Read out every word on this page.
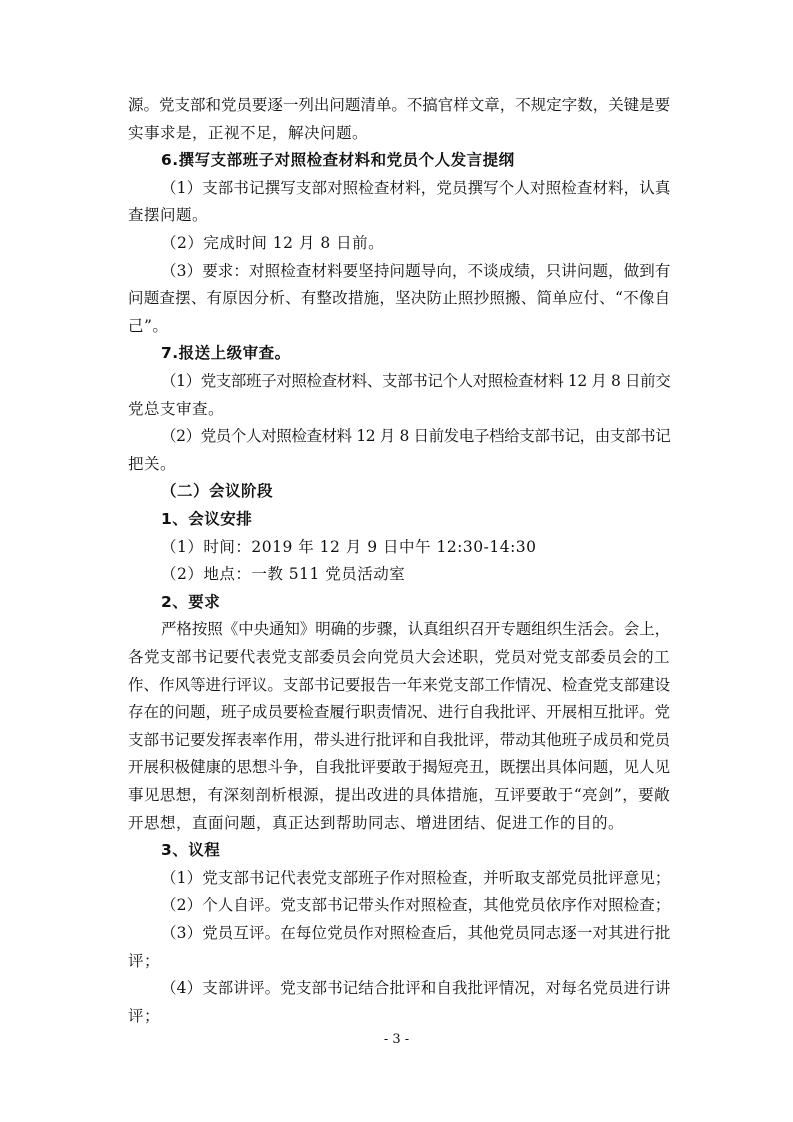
源。党支部和党员要逐一列出问题清单。不搞官样文章，不规定字数，关键是要
实事求是，正视不足，解决问题。
6.撰写支部班子对照检查材料和党员个人发言提纲
（1）支部书记撰写支部对照检查材料，党员撰写个人对照检查材料，认真
查摆问题。
（2）完成时间 12 月 8 日前。
（3）要求：对照检查材料要坚持问题导向，不谈成绩，只讲问题，做到有
问题查摆、有原因分析、有整改措施，坚决防止照抄照搬、简单应付、“不像自
己”。
7.报送上级审查。
（1）党支部班子对照检查材料、支部书记个人对照检查材料 12 月 8 日前交
党总支审查。
（2）党员个人对照检查材料 12 月 8 日前发电子档给支部书记，由支部书记
把关。
（二）会议阶段
1、会议安排
（1）时间：2019 年 12 月 9 日中午 12:30-14:30
（2）地点：一教 511 党员活动室
2、要求
严格按照《中央通知》明确的步骤，认真组织召开专题组织生活会。会上，
各党支部书记要代表党支部委员会向党员大会述职，党员对党支部委员会的工
作、作风等进行评议。支部书记要报告一年来党支部工作情况、检查党支部建设
存在的问题，班子成员要检查履行职责情况、进行自我批评、开展相互批评。党
支部书记要发挥表率作用，带头进行批评和自我批评，带动其他班子成员和党员
开展积极健康的思想斗争，自我批评要敢于揭短亮丑，既摆出具体问题，见人见
事见思想，有深刻剖析根源，提出改进的具体措施，互评要敢于“亮剑”，要敞
开思想，直面问题，真正达到帮助同志、增进团结、促进工作的目的。
3、议程
（1）党支部书记代表党支部班子作对照检查，并听取支部党员批评意见；
（2）个人自评。党支部书记带头作对照检查，其他党员依序作对照检查；
（3）党员互评。在每位党员作对照检查后，其他党员同志逐一对其进行批
评；
（4）支部讲评。党支部书记结合批评和自我批评情况，对每名党员进行讲
评；
- 3 -
